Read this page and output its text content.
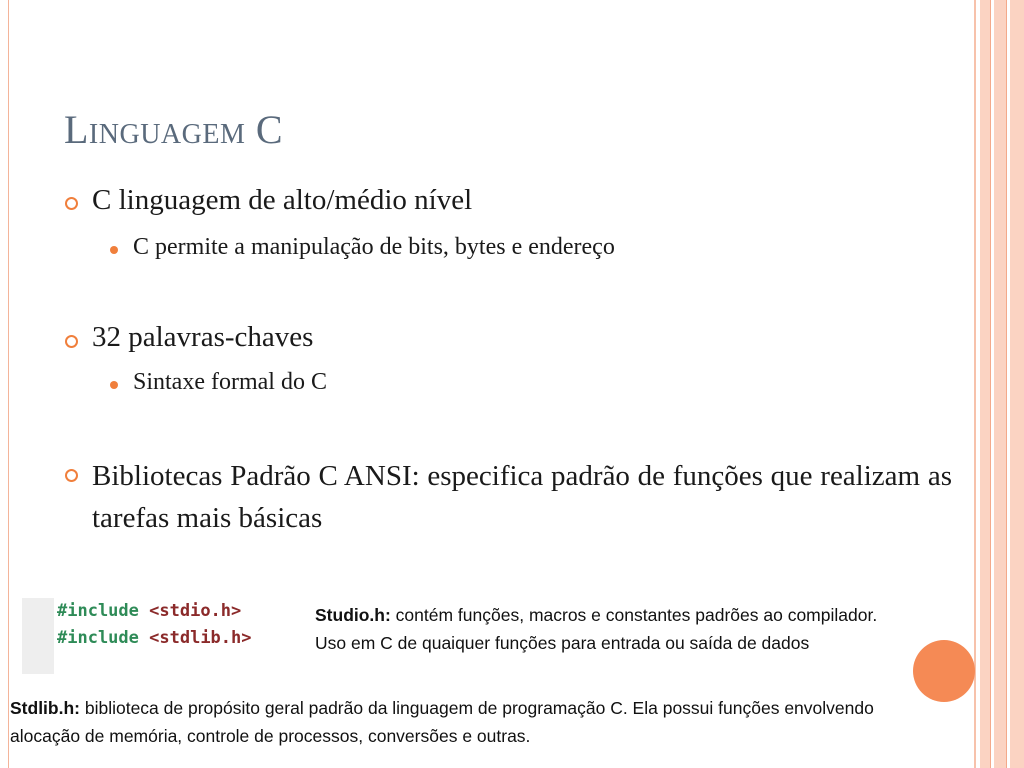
Linguagem C
C linguagem de alto/médio nível
C permite a manipulação de bits, bytes e endereço
32 palavras-chaves
Sintaxe formal do C
Bibliotecas Padrão C ANSI: especifica padrão de funções que realizam as tarefas mais básicas
#include <stdio.h>
#include <stdlib.h>
Studio.h: contém funções, macros e constantes padrões ao compilador.
Uso em C de quaiquer funções para entrada ou saída de dados
Stdlib.h: biblioteca de propósito geral padrão da linguagem de programação C. Ela possui funções envolvendo alocação de memória, controle de processos, conversões e outras.
